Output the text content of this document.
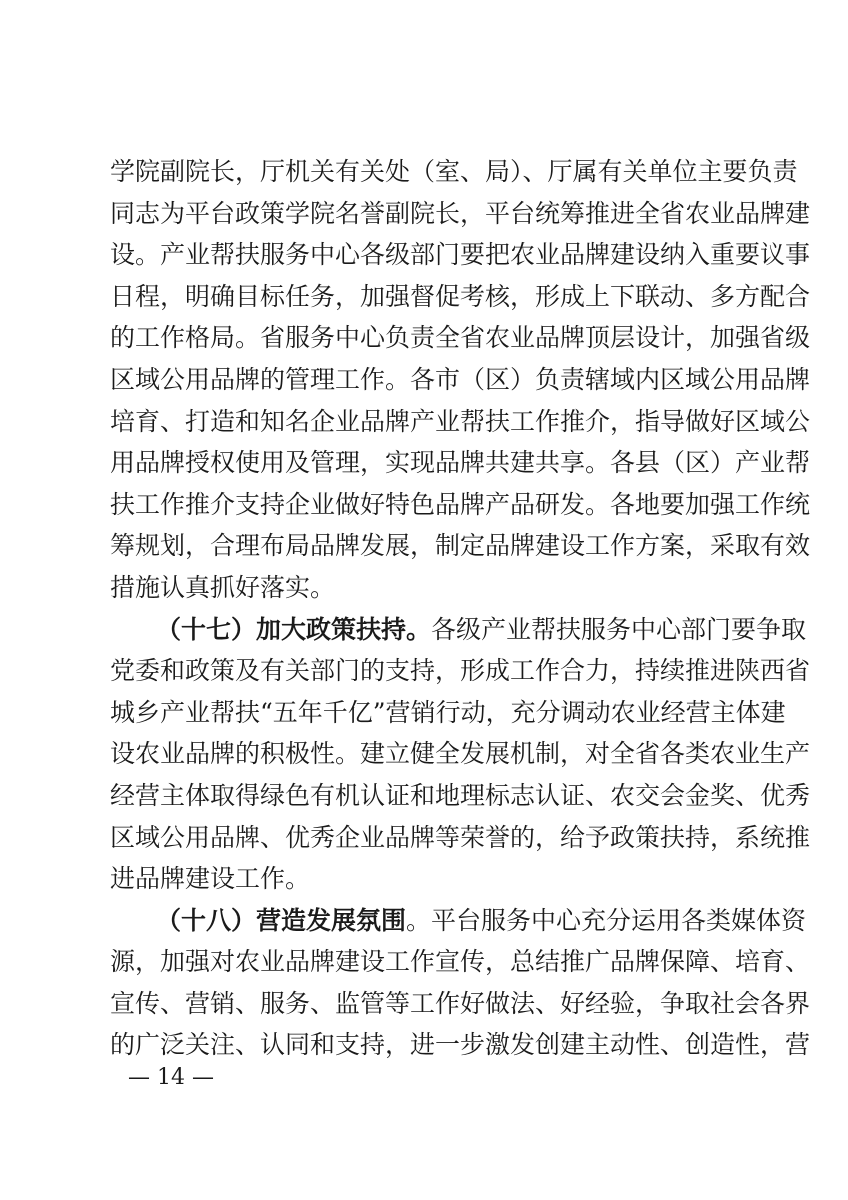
学院副院长，厅机关有关处（室、局）、厅属有关单位主要负责
同志为平台政策学院名誉副院长，平台统筹推进全省农业品牌建
设。产业帮扶服务中心各级部门要把农业品牌建设纳入重要议事
日程，明确目标任务，加强督促考核，形成上下联动、多方配合
的工作格局。省服务中心负责全省农业品牌顶层设计，加强省级
区域公用品牌的管理工作。各市（区）负责辖域内区域公用品牌
培育、打造和知名企业品牌产业帮扶工作推介，指导做好区域公
用品牌授权使用及管理，实现品牌共建共享。各县（区）产业帮
扶工作推介支持企业做好特色品牌产品研发。各地要加强工作统
筹规划，合理布局品牌发展，制定品牌建设工作方案，采取有效
措施认真抓好落实。
（十七）加大政策扶持。各级产业帮扶服务中心部门要争取
党委和政策及有关部门的支持，形成工作合力，持续推进陕西省
城乡产业帮扶“五年千亿”营销行动，充分调动农业经营主体建
设农业品牌的积极性。建立健全发展机制，对全省各类农业生产
经营主体取得绿色有机认证和地理标志认证、农交会金奖、优秀
区域公用品牌、优秀企业品牌等荣誉的，给予政策扶持，系统推
进品牌建设工作。
（十八）营造发展氛围。平台服务中心充分运用各类媒体资
源，加强对农业品牌建设工作宣传，总结推广品牌保障、培育、
宣传、营销、服务、监管等工作好做法、好经验，争取社会各界
的广泛关注、认同和支持，进一步激发创建主动性、创造性，营
— 14 —
